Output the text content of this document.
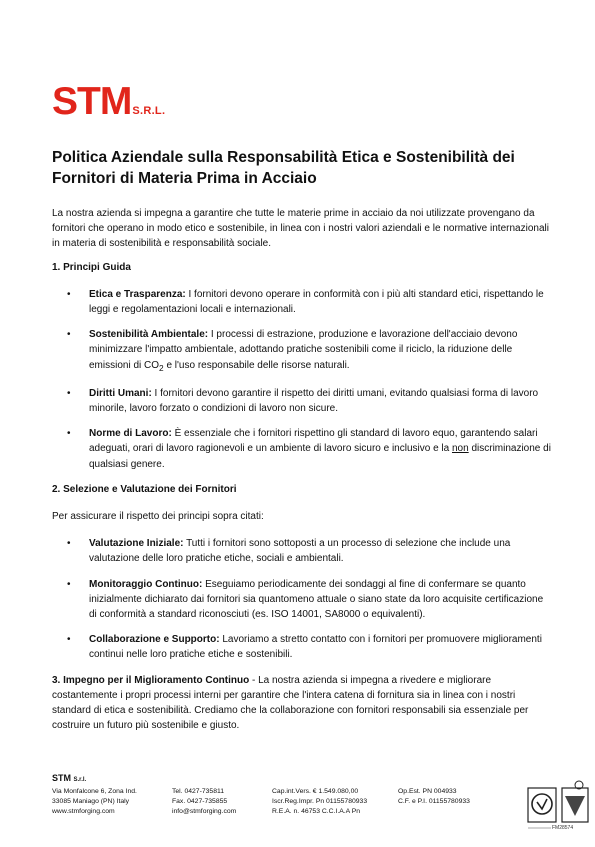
STMS.R.L.
Politica Aziendale sulla Responsabilità Etica e Sostenibilità dei Fornitori di Materia Prima in Acciaio

La nostra azienda si impegna a garantire che tutte le materie prime in acciaio da noi utilizzate provengano da fornitori che operano in modo etico e sostenibile, in linea con i nostri valori aziendali e le normative internazionali in materia di sostenibilità e responsabilità sociale.

1. Principi Guida

• Etica e Trasparenza: I fornitori devono operare in conformità con i più alti standard etici, rispettando le leggi e regolamentazioni locali e internazionali.
• Sostenibilità Ambientale: I processi di estrazione, produzione e lavorazione dell'acciaio devono minimizzare l'impatto ambientale, adottando pratiche sostenibili come il riciclo, la riduzione delle emissioni di $CO_2$ e l'uso responsabile delle risorse naturali.
• Diritti Umani: I fornitori devono garantire il rispetto dei diritti umani, evitando qualsiasi forma di lavoro minorile, lavoro forzato o condizioni di lavoro non sicure.
• Norme di Lavoro: È essenziale che i fornitori rispettino gli standard di lavoro equo, garantendo salari adeguati, orari di lavoro ragionevoli e un ambiente di lavoro sicuro e inclusivo e la non discriminazione di qualsiasi genere.

2. Selezione e Valutazione dei Fornitori

Per assicurare il rispetto dei principi sopra citati:

• Valutazione Iniziale: Tutti i fornitori sono sottoposti a un processo di selezione che include una valutazione delle loro pratiche etiche, sociali e ambientali.
• Monitoraggio Continuo: Eseguiamo periodicamente dei sondaggi al fine di confermare se quanto inizialmente dichiarato dai fornitori sia quantomeno attuale o siano state da loro acquisite certificazione di conformità a standard riconosciuti (es. ISO 14001, SA8000 o equivalenti).
• Collaborazione e Supporto: Lavoriamo a stretto contatto con i fornitori per promuovere miglioramenti continui nelle loro pratiche etiche e sostenibili.

3. Impegno per il Miglioramento Continuo - La nostra azienda si impegna a rivedere e migliorare costantemente i propri processi interni per garantire che l'intera catena di fornitura sia in linea con i nostri standard di etica e sostenibilità. Crediamo che la collaborazione con fornitori responsabili sia essenziale per costruire un futuro più sostenibile e giusto.

STM S.r.l.
Via Monfalcone 6, Zona Ind.
33085 Maniago (PN) Italy
www.stmforging.com
Tel. 0427-735811
Fax. 0427-735855
info@stmforging.com
Cap.int.Vers. € 1.549.080,00
Iscr.Reg.Impr. Pn 01155780933
R.E.A. n. 46753 C.C.I.A.A Pn
Op.Est. PN 004933
C.F. e P.I. 01155780933
FM28574
